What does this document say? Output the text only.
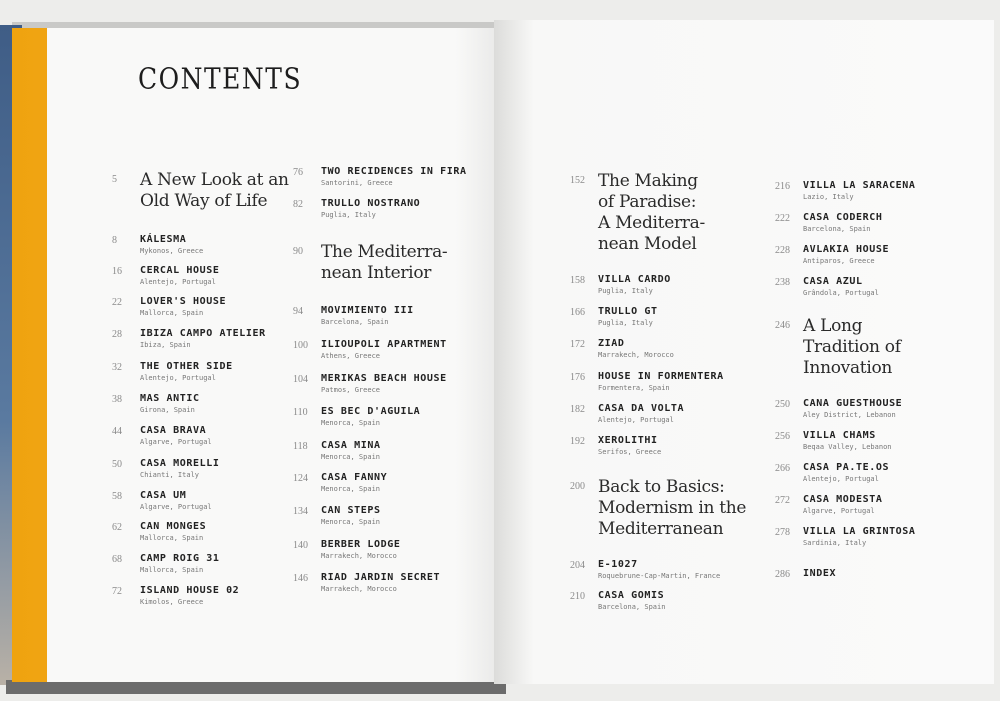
CONTENTS
5	A New Look at an
Old Way of Life
8	KÁLESMA
Mykonos, Greece
16	CERCAL HOUSE
Alentejo, Portugal
22	LOVER'S HOUSE
Mallorca, Spain
28	IBIZA CAMPO ATELIER
Ibiza, Spain
32	THE OTHER SIDE
Alentejo, Portugal
38	MAS ANTIC
Girona, Spain
44	CASA BRAVA
Algarve, Portugal
50	CASA MORELLI
Chianti, Italy
58	CASA UM
Algarve, Portugal
62	CAN MONGES
Mallorca, Spain
68	CAMP ROIG 31
Mallorca, Spain
72	ISLAND HOUSE 02
Kimolos, Greece
76	TWO RECIDENCES IN FIRA
Santorini, Greece
82	TRULLO NOSTRANO
Puglia, Italy
90	The Mediterra-
nean Interior
94	MOVIMIENTO III
Barcelona, Spain
100	ILIOUPOLI APARTMENT
Athens, Greece
104	MERIKAS BEACH HOUSE
Patmos, Greece
110	ES BEC D'AGUILA
Menorca, Spain
118	CASA MINA
Menorca, Spain
124	CASA FANNY
Menorca, Spain
134	CAN STEPS
Menorca, Spain
140	BERBER LODGE
Marrakech, Morocco
146	RIAD JARDIN SECRET
Marrakech, Morocco
152 The Making
of Paradise:
A Mediterra-
nean Model
158	VILLA CARDO
Puglia, Italy
166	TRULLO GT
Puglia, Italy
172	ZIAD
Marrakech, Morocco
176	HOUSE IN FORMENTERA
Formentera, Spain
182	CASA DA VOLTA
Alentejo, Portugal
192	XEROLITHI
Serifos, Greece
200 Back to Basics:
Modernism in the
Mediterranean
204	E-1027
Roquebrune-Cap-Martin, France
210	CASA GOMIS
Barcelona, Spain
216	VILLA LA SARACENA
Lazio, Italy
222	CASA CODERCH
Barcelona, Spain
228	AVLAKIA HOUSE
Antiparos, Greece
238	CASA AZUL
Grândola, Portugal
246 A Long
Tradition of
Innovation
250	CANA GUESTHOUSE
Aley District, Lebanon
256	VILLA CHAMS
Beqaa Valley, Lebanon
266	CASA PA.TE.OS
Alentejo, Portugal
272	CASA MODESTA
Algarve, Portugal
278	VILLA LA GRINTOSA
Sardinia, Italy
286	INDEX
